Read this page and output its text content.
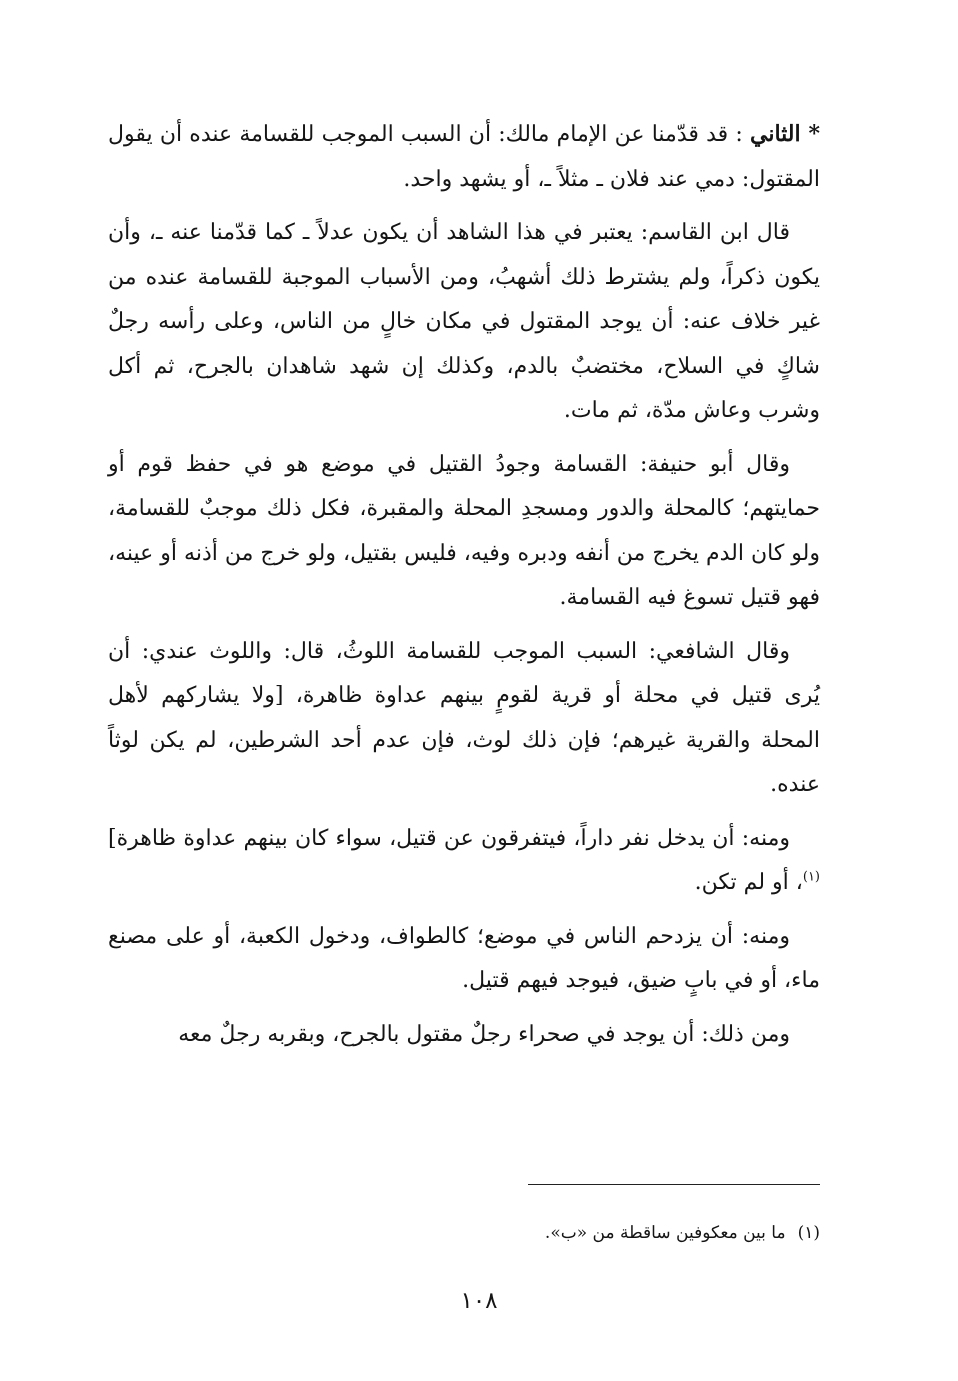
* الثاني : قد قدّمنا عن الإمام مالك: أن السبب الموجب للقسامة عنده أن يقول المقتول: دمي عند فلان ـ مثلاً ـ، أو يشهد واحد.

قال ابن القاسم: يعتبر في هذا الشاهد أن يكون عدلاً ـ كما قدّمنا عنه ـ، وأن يكون ذكراً، ولم يشترط ذلك أشهبُ، ومن الأسباب الموجبة للقسامة عنده من غير خلاف عنه: أن يوجد المقتول في مكان خالٍ من الناس، وعلى رأسه رجلٌ شاكٍ في السلاح، مختضبٌ بالدم، وكذلك إن شهد شاهدان بالجرح، ثم أكل وشرب وعاش مدّة، ثم مات.

وقال أبو حنيفة: القسامة وجودُ القتيل في موضع هو في حفظ قوم أو حمايتهم؛ كالمحلة والدور ومسجدِ المحلة والمقبرة، فكل ذلك موجبٌ للقسامة، ولو كان الدم يخرج من أنفه ودبره وفيه، فليس بقتيل، ولو خرج من أذنه أو عينه، فهو قتيل تسوغ فيه القسامة.

وقال الشافعي: السبب الموجب للقسامة اللوثُ، قال: واللوث عندي: أن يُرى قتيل في محلة أو قرية لقومٍ بينهم عداوة ظاهرة، [ولا يشاركهم لأهل المحلة والقرية غيرهم؛ فإن ذلك لوث، فإن عدم أحد الشرطين، لم يكن لوثاً عنده.

ومنه: أن يدخل نفر داراً، فيتفرقون عن قتيل، سواء كان بينهم عداوة ظاهرة]$^{(١)}$، أو لم تكن.

ومنه: أن يزدحم الناس في موضع؛ كالطواف، ودخول الكعبة، أو على مصنع ماء، أو في بابٍ ضيق، فيوجد فيهم قتيل.

ومن ذلك: أن يوجد في صحراء رجلٌ مقتول بالجرح، وبقربه رجلٌ معه

(١)ما بين معكوفين ساقطة من «ب».
١٠٨
